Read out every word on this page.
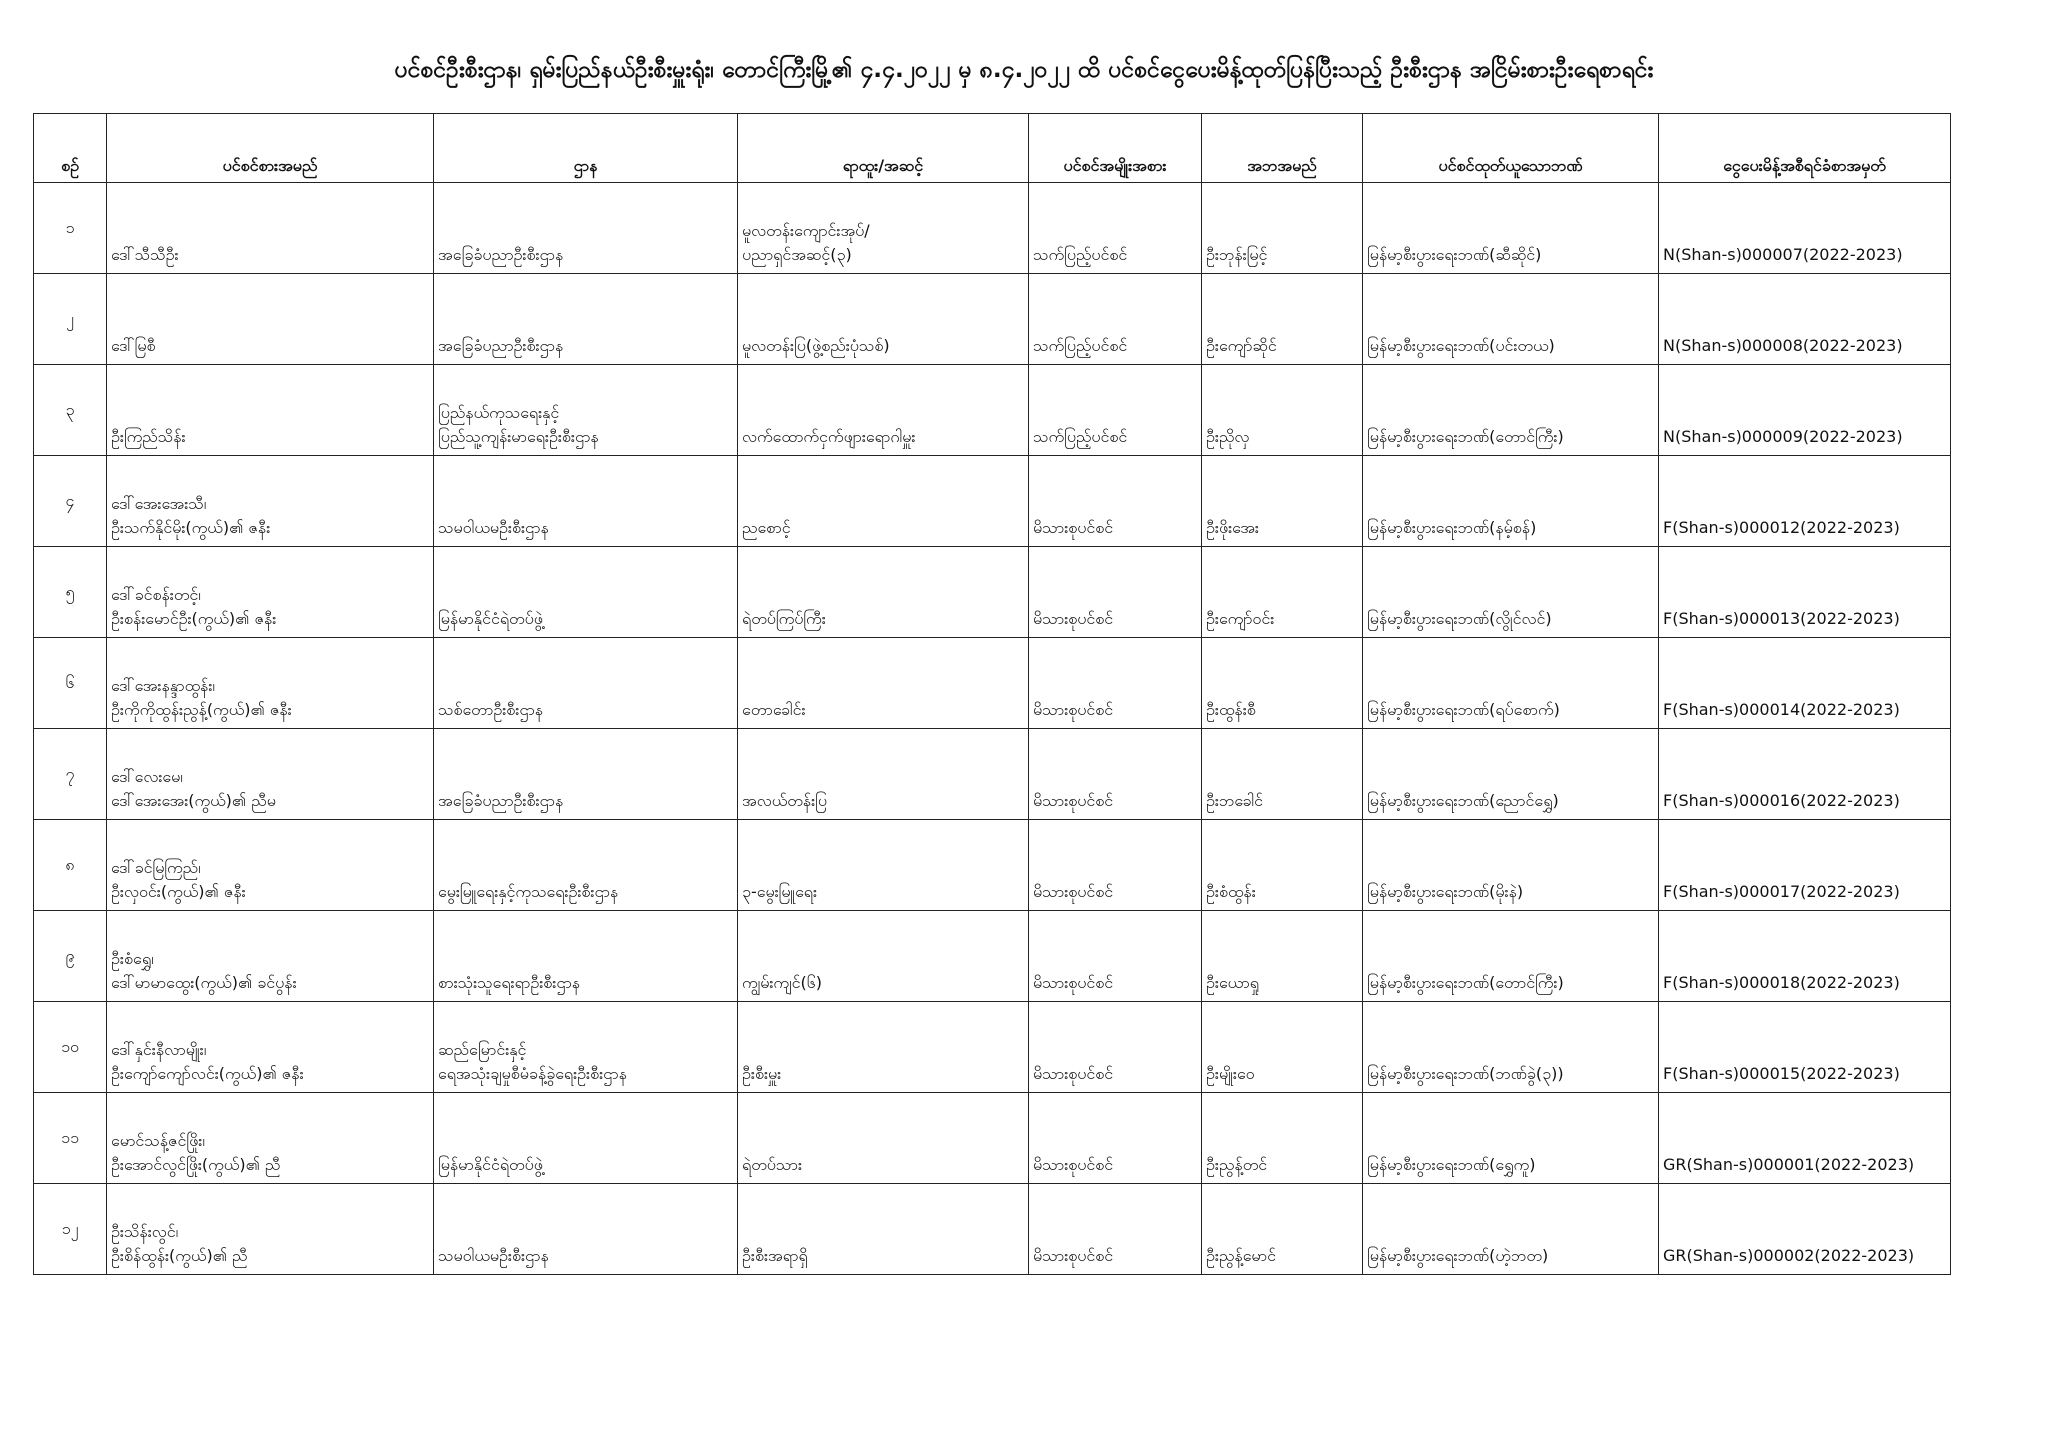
ပင်စင်ဦးစီးဌာန၊ ရှမ်းပြည်နယ်ဦးစီးမှူးရုံး၊ တောင်ကြီးမြို့၏ ၄.၄.၂၀၂၂ မှ ၈.၄.၂၀၂၂ ထိ ပင်စင်ငွေပေးမိန့်ထုတ်ပြန်ပြီးသည့် ဦးစီးဌာန အငြိမ်းစားဦးရေစာရင်း
စဉ်	ပင်စင်စားအမည်	ဌာန	ရာထူး/အဆင့်	ပင်စင်အမျိုးအစား	အဘအမည်	ပင်စင်ထုတ်ယူသောဘဏ်	ငွေပေးမိန့်အစီရင်ခံစာအမှတ်
၁	ဒေါ်သီသီဦး	အခြေခံပညာဦးစီးဌာန	မူလတန်းကျောင်းအုပ်/
ပညာရှင်အဆင့်(၃)	သက်ပြည့်ပင်စင်	ဦးဘုန်းမြင့်	မြန်မာ့စီးပွားရေးဘဏ်(ဆီဆိုင်)	N(Shan-s)000007(2022-2023)
၂	ဒေါ်မြစီ	အခြေခံပညာဦးစီးဌာန	မူလတန်းပြ(ဖွဲ့စည်းပုံသစ်)	သက်ပြည့်ပင်စင်	ဦးကျော်ဆိုင်	မြန်မာ့စီးပွားရေးဘဏ်(ပင်းတယ)	N(Shan-s)000008(2022-2023)
၃	ဦးကြည်သိန်း	ပြည်နယ်ကုသရေးနှင့်
ပြည်သူ့ကျန်းမာရေးဦးစီးဌာန	လက်ထောက်ငှက်ဖျားရောဂါမှူး	သက်ပြည့်ပင်စင်	ဦးညိုလှ	မြန်မာ့စီးပွားရေးဘဏ်(တောင်ကြီး)	N(Shan-s)000009(2022-2023)
၄	ဒေါ်အေးအေးသီ၊
ဦးသက်နိုင်မိုး(ကွယ်)၏ ဇနီး	သမဝါယမဦးစီးဌာန	ညစောင့်	မိသားစုပင်စင်	ဦးဖိုးအေး	မြန်မာ့စီးပွားရေးဘဏ်(နမ့်စန်)	F(Shan-s)000012(2022-2023)
၅	ဒေါ်ခင်စန်းတင့်၊
ဦးစန်းမောင်ဦး(ကွယ်)၏ ဇနီး	မြန်မာနိုင်ငံရဲတပ်ဖွဲ့	ရဲတပ်ကြပ်ကြီး	မိသားစုပင်စင်	ဦးကျော်ဝင်း	မြန်မာ့စီးပွားရေးဘဏ်(လွိုင်လင်)	F(Shan-s)000013(2022-2023)
၆	ဒေါ်အေးနန္ဒာထွန်း၊
ဦးကိုကိုထွန်းညွန့်(ကွယ်)၏ ဇနီး	သစ်တောဦးစီးဌာန	တောခေါင်း	မိသားစုပင်စင်	ဦးထွန်းစီ	မြန်မာ့စီးပွားရေးဘဏ်(ရပ်စောက်)	F(Shan-s)000014(2022-2023)
၇	ဒေါ်လေးမေ၊
ဒေါ်အေးအေး(ကွယ်)၏ ညီမ	အခြေခံပညာဦးစီးဌာန	အလယ်တန်းပြ	မိသားစုပင်စင်	ဦးဘခေါင်	မြန်မာ့စီးပွားရေးဘဏ်(ညောင်ရွှေ)	F(Shan-s)000016(2022-2023)
၈	ဒေါ်ခင်မြကြည်၊
ဦးလှဝင်း(ကွယ်)၏ ဇနီး	မွေးမြူရေးနှင့်ကုသရေးဦးစီးဌာန	၃-မွေးမြူရေး	မိသားစုပင်စင်	ဦးစံထွန်း	မြန်မာ့စီးပွားရေးဘဏ်(မိုးနဲ)	F(Shan-s)000017(2022-2023)
၉	ဦးစံရွှေ၊
ဒေါ်မာမာထွေး(ကွယ်)၏ ခင်ပွန်း	စားသုံးသူရေးရာဦးစီးဌာန	ကျွမ်းကျင်(၆)	မိသားစုပင်စင်	ဦးယောရှု	မြန်မာ့စီးပွားရေးဘဏ်(တောင်ကြီး)	F(Shan-s)000018(2022-2023)
၁၀	ဒေါ်နှင်းနီလာမျိုး၊
ဦးကျော်ကျော်လင်း(ကွယ်)၏ ဇနီး	ဆည်မြောင်းနှင့်
ရေအသုံးချမှုစီမံခန့်ခွဲရေးဦးစီးဌာန	ဦးစီးမှူး	မိသားစုပင်စင်	ဦးမျိုးဝေ	မြန်မာ့စီးပွားရေးဘဏ်(ဘဏ်ခွဲ(၃))	F(Shan-s)000015(2022-2023)
၁၁	မောင်သန့်ဇင်ဖြိုး၊
ဦးအောင်လွင်ဖြိုး(ကွယ်)၏ ညီ	မြန်မာနိုင်ငံရဲတပ်ဖွဲ့	ရဲတပ်သား	မိသားစုပင်စင်	ဦးညွန့်တင်	မြန်မာ့စီးပွားရေးဘဏ်(ရွှေကူ)	GR(Shan-s)000001(2022-2023)
၁၂	ဦးသိန်းလွင်၊
ဦးစိန်ထွန်း(ကွယ်)၏ ညီ	သမဝါယမဦးစီးဌာန	ဦးစီးအရာရှိ	မိသားစုပင်စင်	ဦးညွန့်မောင်	မြန်မာ့စီးပွားရေးဘဏ်(ဟဲ့ဘတ)	GR(Shan-s)000002(2022-2023)
